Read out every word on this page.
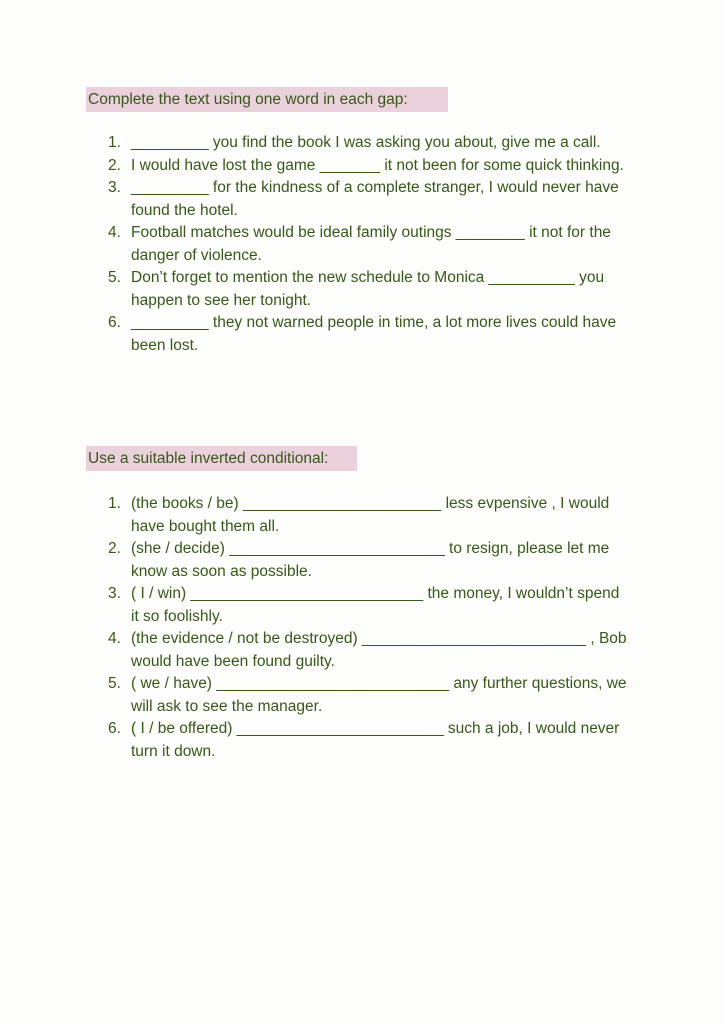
Complete the text using one word in each gap:
1. _________ you find the book I was asking you about, give me a call.
2. I would have lost the game _______ it not been for some quick thinking.
3. _________ for the kindness of a complete stranger, I would never have found the hotel.
4. Football matches would be ideal family outings ________ it not for the danger of violence.
5. Don’t forget to mention the new schedule to Monica __________ you happen to see her tonight.
6. _________ they not warned people in time, a lot more lives could have been lost.
Use a suitable inverted conditional:
1. (the books / be) _______________________ less evpensive , I would have bought them all.
2. (she / decide) _________________________ to resign, please let me know as soon as possible.
3. ( I / win) ___________________________ the money, I wouldn’t spend it so foolishly.
4. (the evidence / not be destroyed) __________________________ , Bob would have been found guilty.
5. ( we / have) ___________________________ any further questions, we will ask to see the manager.
6. ( I / be offered) ________________________ such a job, I would never turn it down.
